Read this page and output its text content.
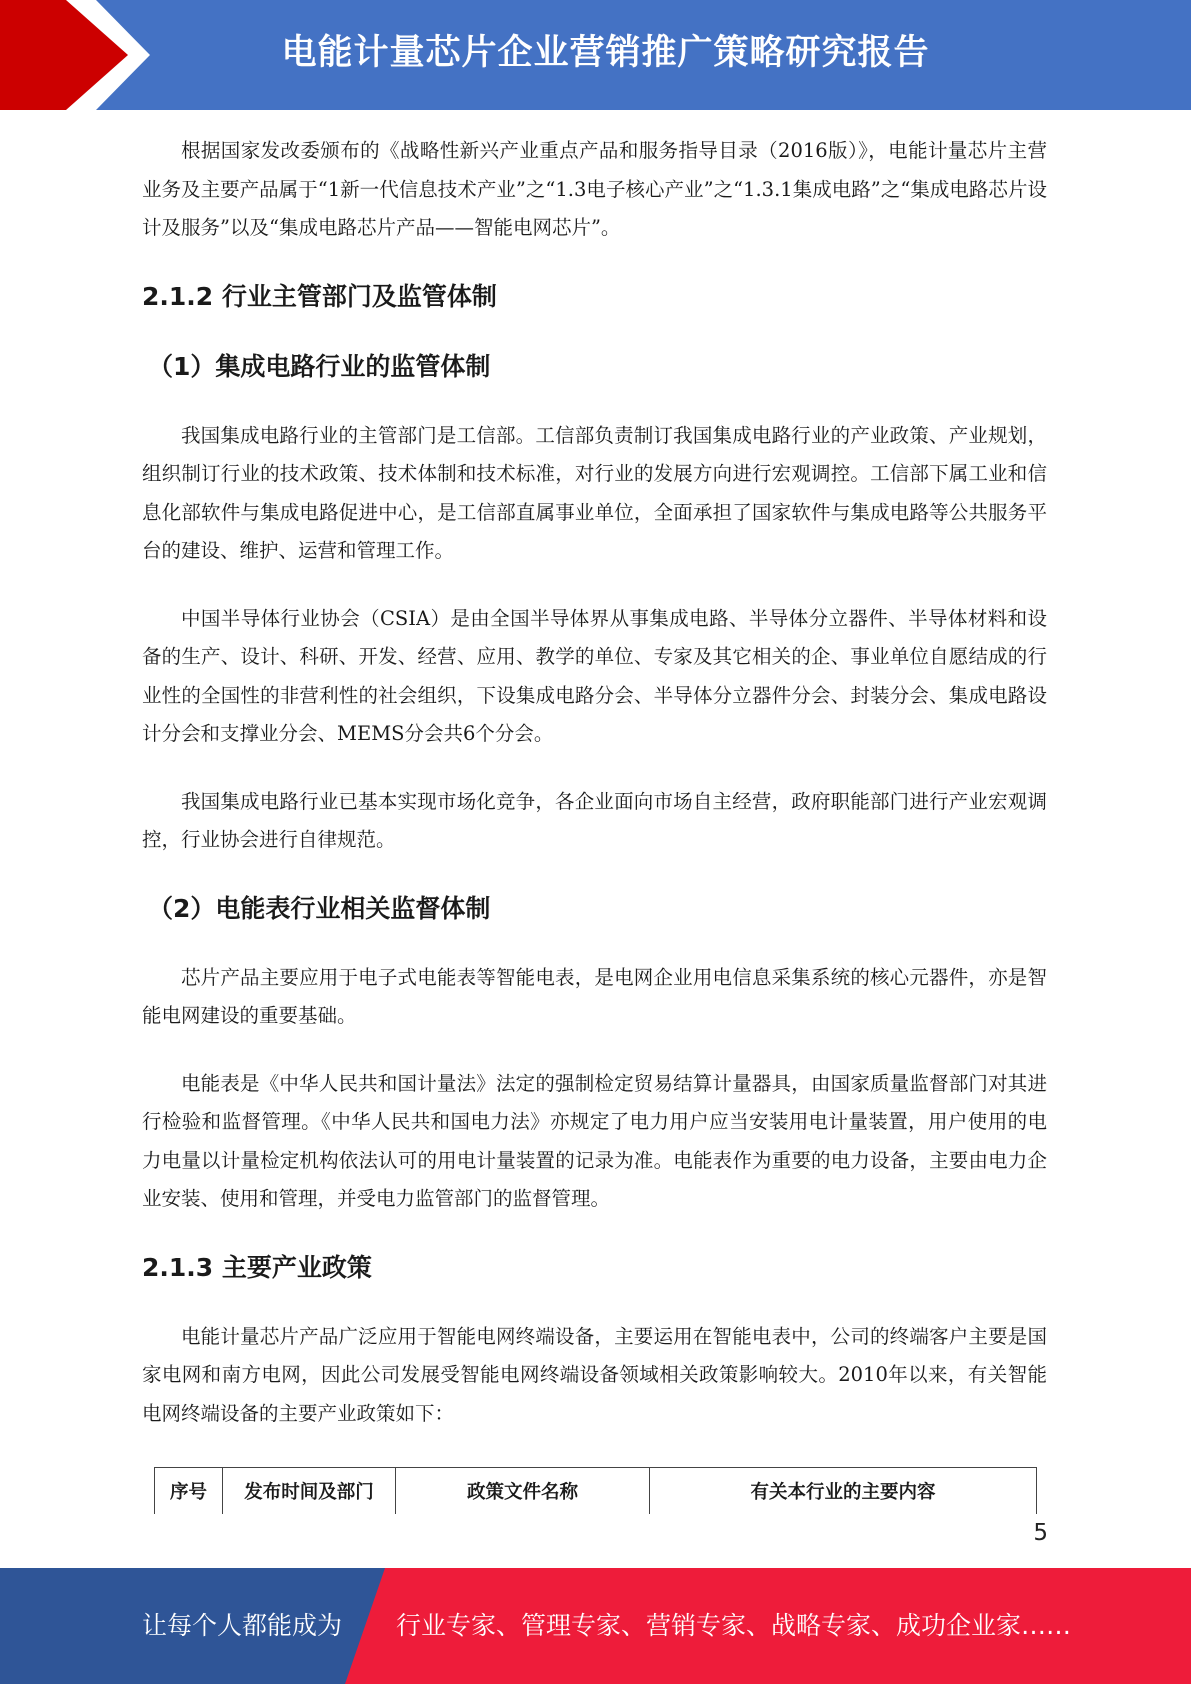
电能计量芯片企业营销推广策略研究报告

根据国家发改委颁布的《战略性新兴产业重点产品和服务指导目录（2016版）》，电能计量芯片主营业务及主要产品属于“1新一代信息技术产业”之“1.3电子核心产业”之“1.3.1集成电路”之“集成电路芯片设计及服务”以及“集成电路芯片产品——智能电网芯片”。

2.1.2 行业主管部门及监管体制
（1）集成电路行业的监管体制

我国集成电路行业的主管部门是工信部。工信部负责制订我国集成电路行业的产业政策、产业规划，组织制订行业的技术政策、技术体制和技术标准，对行业的发展方向进行宏观调控。工信部下属工业和信息化部软件与集成电路促进中心，是工信部直属事业单位，全面承担了国家软件与集成电路等公共服务平台的建设、维护、运营和管理工作。

中国半导体行业协会（CSIA）是由全国半导体界从事集成电路、半导体分立器件、半导体材料和设备的生产、设计、科研、开发、经营、应用、教学的单位、专家及其它相关的企、事业单位自愿结成的行业性的全国性的非营利性的社会组织，下设集成电路分会、半导体分立器件分会、封装分会、集成电路设计分会和支撑业分会、MEMS分会共6个分会。

我国集成电路行业已基本实现市场化竞争，各企业面向市场自主经营，政府职能部门进行产业宏观调控，行业协会进行自律规范。

（2）电能表行业相关监督体制

芯片产品主要应用于电子式电能表等智能电表，是电网企业用电信息采集系统的核心元器件，亦是智能电网建设的重要基础。

电能表是《中华人民共和国计量法》法定的强制检定贸易结算计量器具，由国家质量监督部门对其进行检验和监督管理。《中华人民共和国电力法》亦规定了电力用户应当安装用电计量装置，用户使用的电力电量以计量检定机构依法认可的用电计量装置的记录为准。电能表作为重要的电力设备，主要由电力企业安装、使用和管理，并受电力监管部门的监督管理。

2.1.3 主要产业政策

电能计量芯片产品广泛应用于智能电网终端设备，主要运用在智能电表中，公司的终端客户主要是国家电网和南方电网，因此公司发展受智能电网终端设备领域相关政策影响较大。2010年以来，有关智能电网终端设备的主要产业政策如下：

序号	发布时间及部门	政策文件名称	有关本行业的主要内容
5
让每个人都能成为 行业专家、管理专家、营销专家、战略专家、成功企业家……
